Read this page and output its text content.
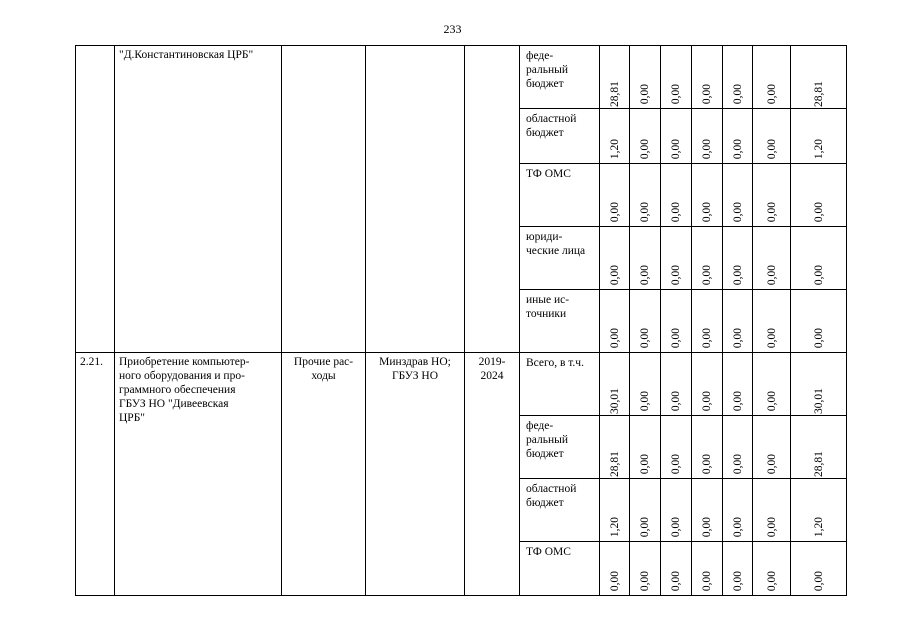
233

	"Д.Константиновская ЦРБ"				феде-
ральный
бюджет	28,81	0,00	0,00	0,00	0,00	0,00	28,81

					областной
бюджет	1,20	0,00	0,00	0,00	0,00	0,00	1,20

					ТФ ОМС	0,00	0,00	0,00	0,00	0,00	0,00	0,00

					юриди-
ческие лица	0,00	0,00	0,00	0,00	0,00	0,00	0,00

					иные ис-
точники	0,00	0,00	0,00	0,00	0,00	0,00	0,00

2.21.	Приобретение компьютер-
ного оборудования и про-
граммного обеспечения
ГБУЗ НО "Дивеевская
ЦРБ"	Прочие рас-
ходы	Минздрав НО;
ГБУЗ НО	2019-
2024	Всего, в т.ч.	30,01	0,00	0,00	0,00	0,00	0,00	30,01

					феде-
ральный
бюджет	28,81	0,00	0,00	0,00	0,00	0,00	28,81

					областной
бюджет	1,20	0,00	0,00	0,00	0,00	0,00	1,20

					ТФ ОМС	0,00	0,00	0,00	0,00	0,00	0,00	0,00
